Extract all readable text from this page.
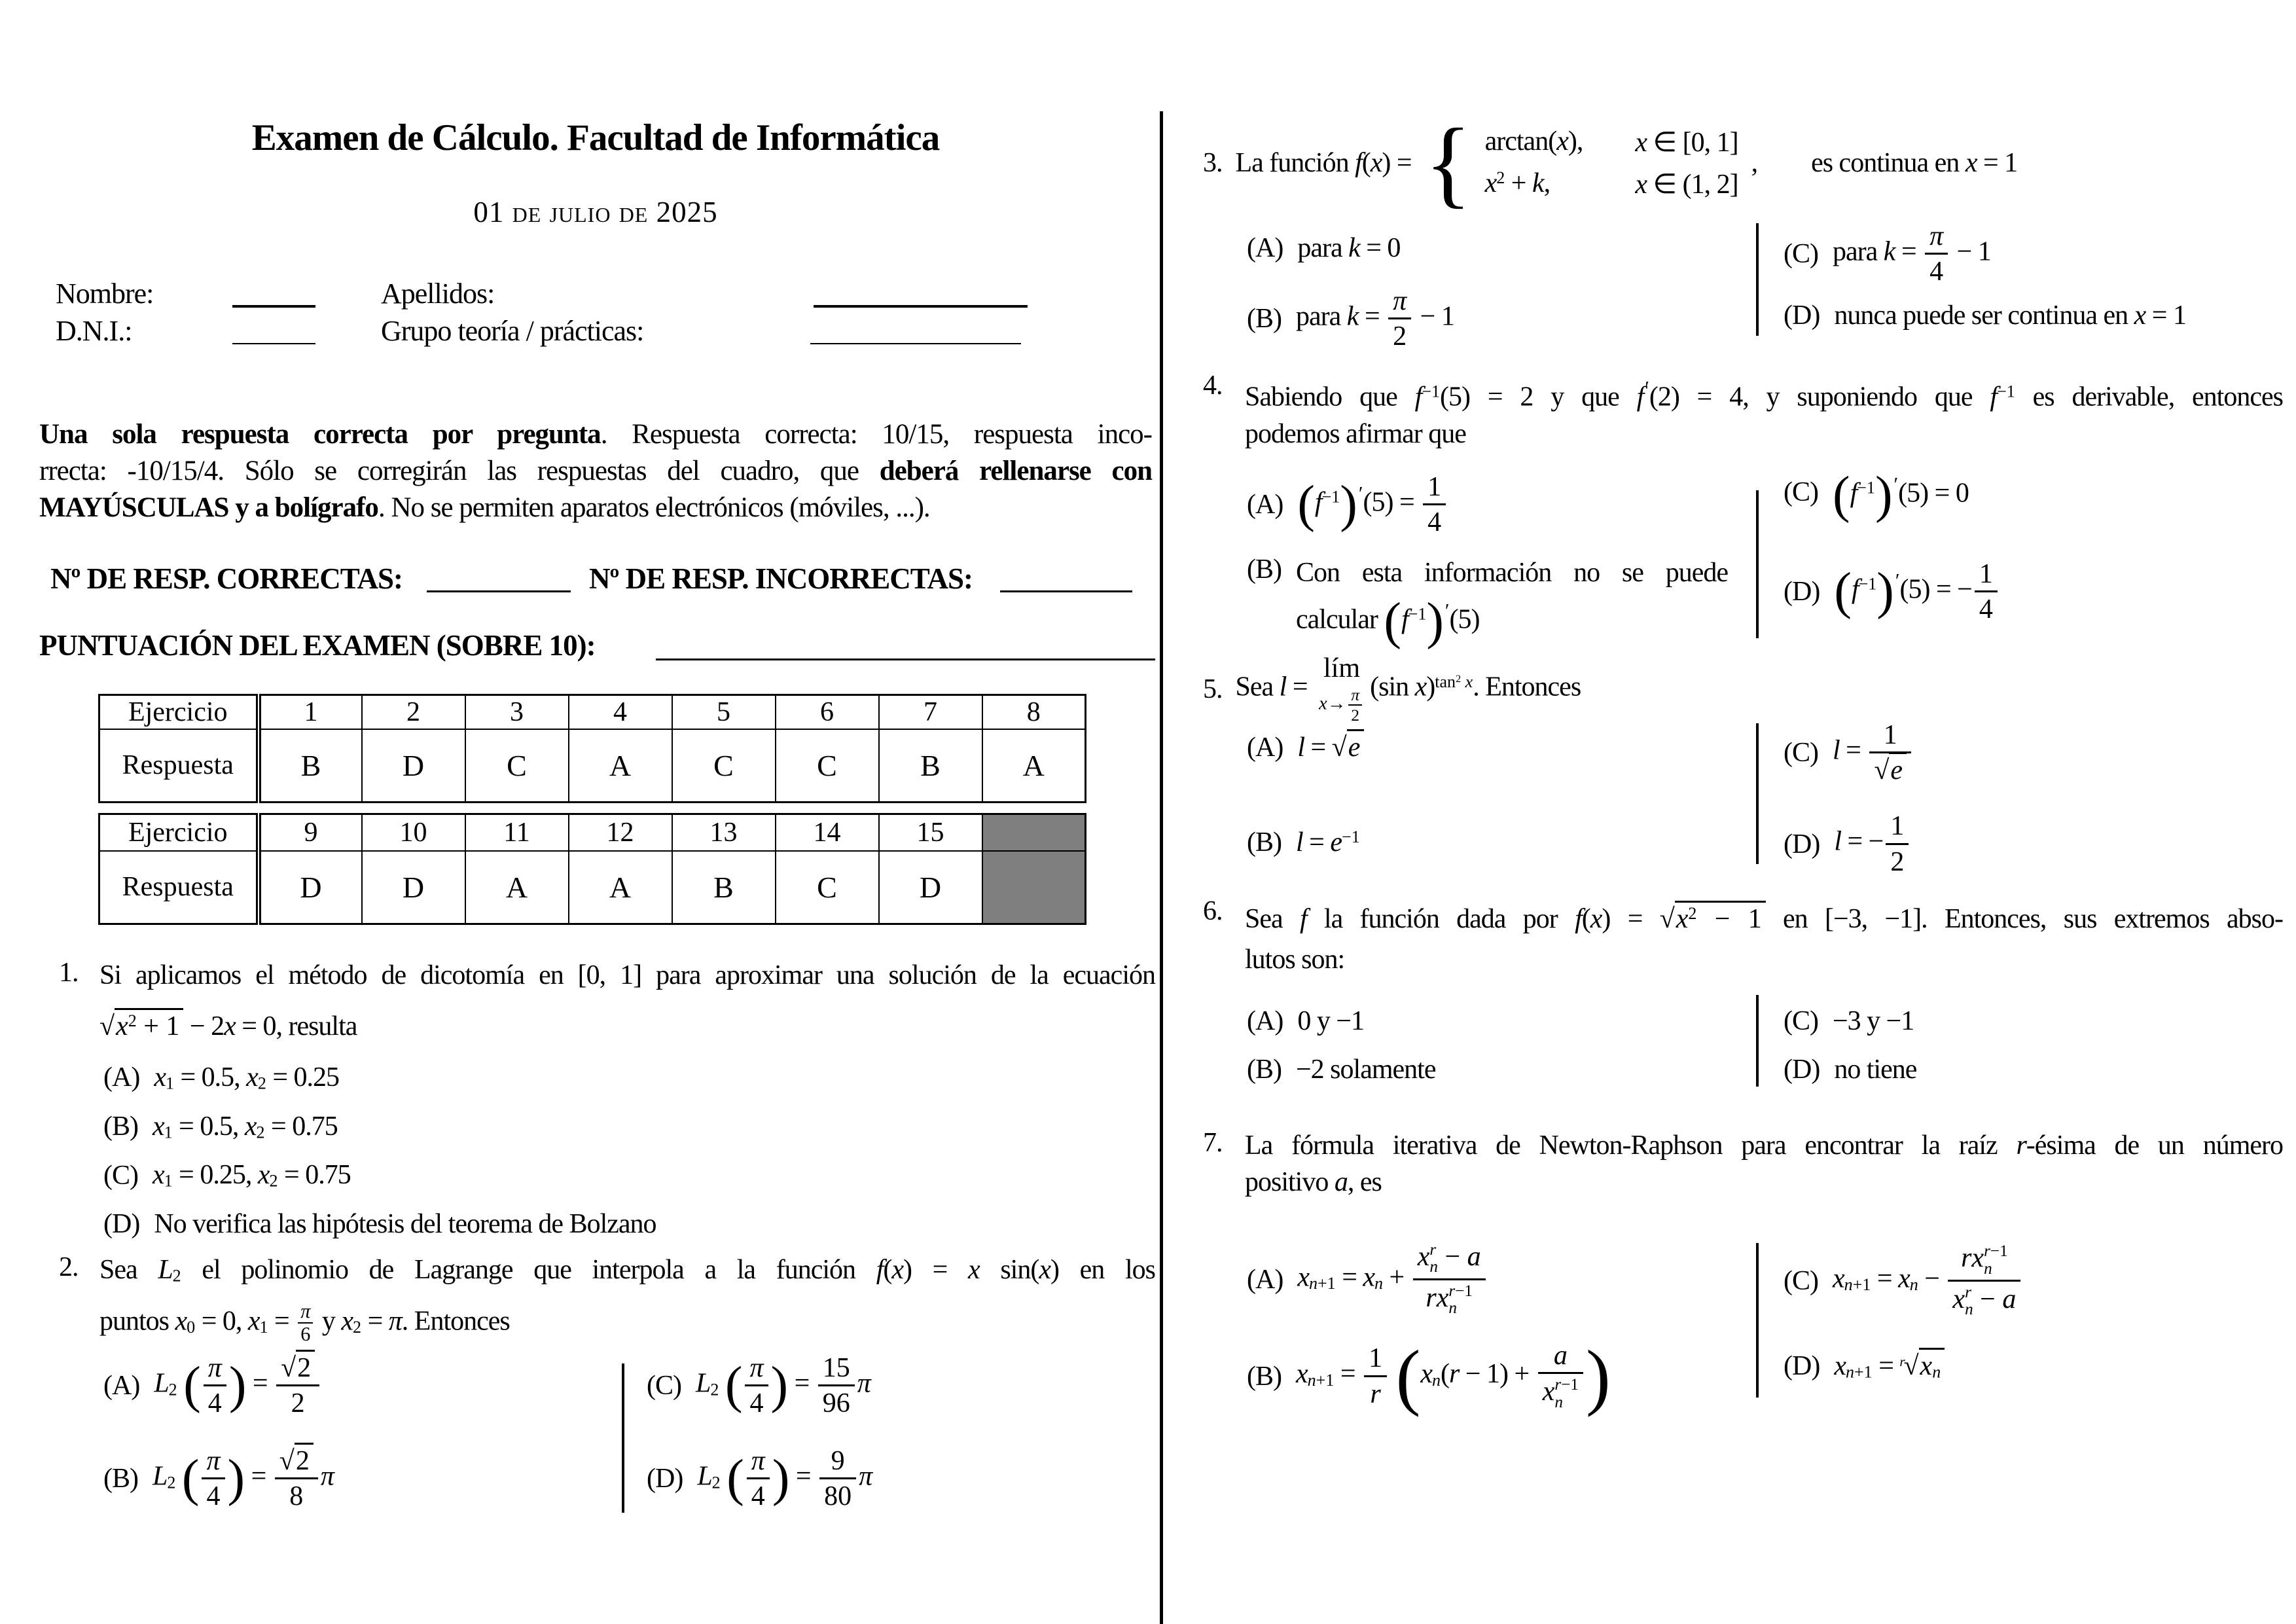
Examen de Cálculo. Facultad de Informática
01 de julio de 2025
Nombre:	Apellidos:
D.N.I.:	Grupo teoría / prácticas:
Una sola respuesta correcta por pregunta. Respuesta correcta: 10/15, respuesta inco-
rrecta: -10/15/4. Sólo se corregirán las respuestas del cuadro, que deberá rellenarse con
MAYÚSCULAS y a bolígrafo. No se permiten aparatos electrónicos (móviles, ...).
Nº DE RESP. CORRECTAS:	Nº DE RESP. INCORRECTAS:
PUNTUACIÓN DEL EXAMEN (SOBRE 10):
Ejercicio	1	2	3	4	5	6	7	8
Respuesta	B	D	C	A	C	C	B	A
Ejercicio	9	10	11	12	13	14	15	
Respuesta	D	D	A	A	B	C	D	
1. Si aplicamos el método de dicotomía en [0, 1] para aproximar una solución de la ecuación
$√x^2 + 1 - 2x = 0$, resulta
(A) $x_1 = 0.5$, $x_2 = 0.25$
(B) $x_1 = 0.5$, $x_2 = 0.75$
(C) $x_1 = 0.25$, $x_2 = 0.75$
(D) No verifica las hipótesis del teorema de Bolzano
2. Sea $L_2$ el polinomio de Lagrange que interpola a la función f(x) = x sin(x) en los
puntos $x_0 = 0$, $x_1 = \frac{\pi}{6}$ y $x_2 = \pi$. Entonces
(A) $L_2$ ( $\frac{\pi}{4}$ ) = $\frac{√2}{2}$
(B) $L_2$ ( $\frac{\pi}{4}$ ) = $\frac{√2}{8}$ π
(C) $L_2$ ( $\frac{\pi}{4}$ ) = $\frac{15}{96}$ π
(D) $L_2$ ( $\frac{\pi}{4}$ ) = $\frac{9}{80}$ π
3. La función f(x) = { arctan(x), x ∈ [0, 1]
$x^2 + k$,	x ∈ (1, 2]
,  es continua en x = 1
(A) para k = 0
(B) para $k = \frac{\pi}{2} - 1$
(C) para $k = \frac{\pi}{4} - 1$
(D) nunca puede ser continua en x = 1
4. Sabiendo que $f^{-1}(5) = 2$ y que f′(2) = 4, y suponiendo que $f^{-1}$ es derivable, entonces
podemos afirmar que
(A) $(f^{-1})'(5) = \frac{1}{4}$
(B) Con esta información no se puede
calcular $(f^{-1})'(5)$
(C) $(f^{-1})'(5) = 0$
(D) $(f^{-1})'(5)$ = − $\frac{1}{4}$
5. Sea l =
lím
$x\to \frac{\pi}{2} (\sin$ x)$^{tan^2 x}$. Entonces
(A) l = √e
(B) $l = e^{-1}$
(C) $l = \frac{1}{√e}$
(D) l = − $\frac{1}{2}$
6. Sea f la función dada por $f(x) = √x^2 - 1$ en [−3, −1]. Entonces, sus extremos abso-
lutos son:
(A) 0 y −1
(B) −2 solamente
(C) −3 y −1
(D) no tiene
7. La fórmula iterativa de Newton-Raphson para encontrar la raíz r-ésima de un número
positivo a, es
(A) $x_{n+1} = x_n + x$ r
n − a
rx r−1
n
(B) $x_{n+1} = \frac{1}{r} (x_n(r - 1) + a$
x r−1
n )
(C) $x_{n+1} = x_n$ − rx r−1
n
x r
n − a
(D) $x_{n+1} = ^r√x_n$
